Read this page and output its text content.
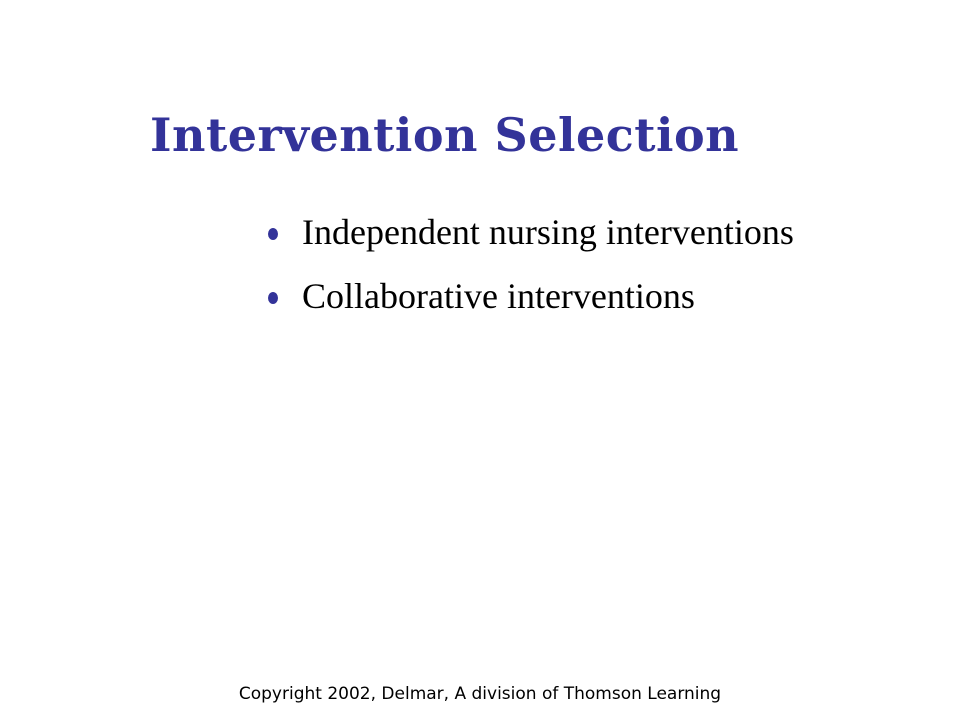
Intervention Selection
Independent nursing interventions
Collaborative interventions
Copyright 2002, Delmar, A division of Thomson Learning
